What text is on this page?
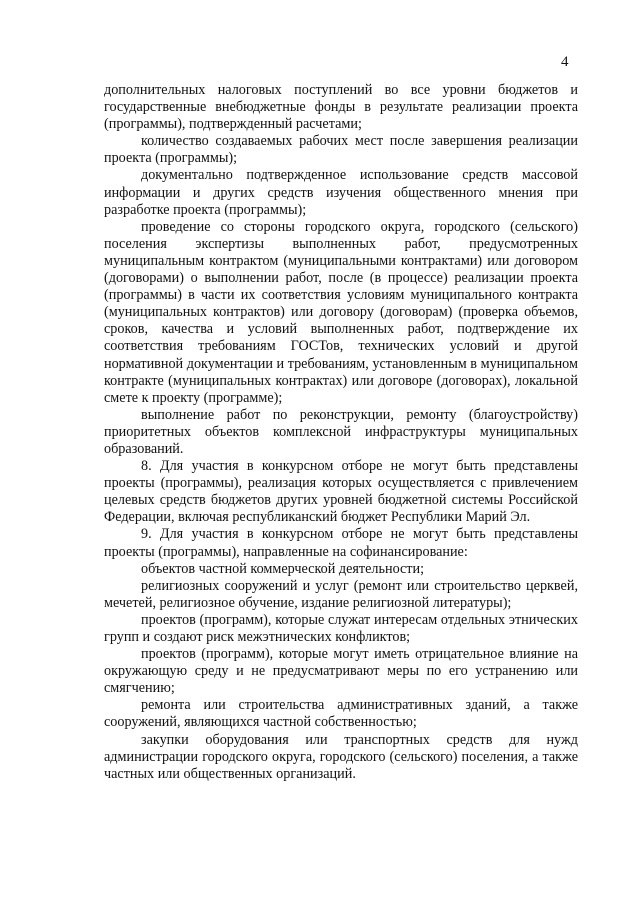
4

дополнительных налоговых поступлений во все уровни бюджетов и государственные внебюджетные фонды в результате реализации проекта (программы), подтвержденный расчетами;

количество создаваемых рабочих мест после завершения реализации проекта (программы);

документально подтвержденное использование средств массовой информации и других средств изучения общественного мнения при разработке проекта (программы);

проведение со стороны городского округа, городского (сельского) поселения экспертизы выполненных работ, предусмотренных муниципальным контрактом (муниципальными контрактами) или договором (договорами) о выполнении работ, после (в процессе) реализации проекта (программы) в части их соответствия условиям муниципального контракта (муниципальных контрактов) или договору (договорам) (проверка объемов, сроков, качества и условий выполненных работ, подтверждение их соответствия требованиям ГОСТов, технических условий и другой нормативной документации и требованиям, установленным в муниципальном контракте (муниципальных контрактах) или договоре (договорах), локальной смете к проекту (программе);

выполнение работ по реконструкции, ремонту (благоустройству) приоритетных объектов комплексной инфраструктуры муниципальных образований.

8. Для участия в конкурсном отборе не могут быть представлены проекты (программы), реализация которых осуществляется с привлечением целевых средств бюджетов других уровней бюджетной системы Российской Федерации, включая республиканский бюджет Республики Марий Эл.

9. Для участия в конкурсном отборе не могут быть представлены проекты (программы), направленные на софинансирование:

объектов частной коммерческой деятельности;

религиозных сооружений и услуг (ремонт или строительство церквей, мечетей, религиозное обучение, издание религиозной литературы);

проектов (программ), которые служат интересам отдельных этнических групп и создают риск межэтнических конфликтов;

проектов (программ), которые могут иметь отрицательное влияние на окружающую среду и не предусматривают меры по его устранению или смягчению;

ремонта или строительства административных зданий, а также сооружений, являющихся частной собственностью;

закупки оборудования или транспортных средств для нужд администрации городского округа, городского (сельского) поселения, а также частных или общественных организаций.
